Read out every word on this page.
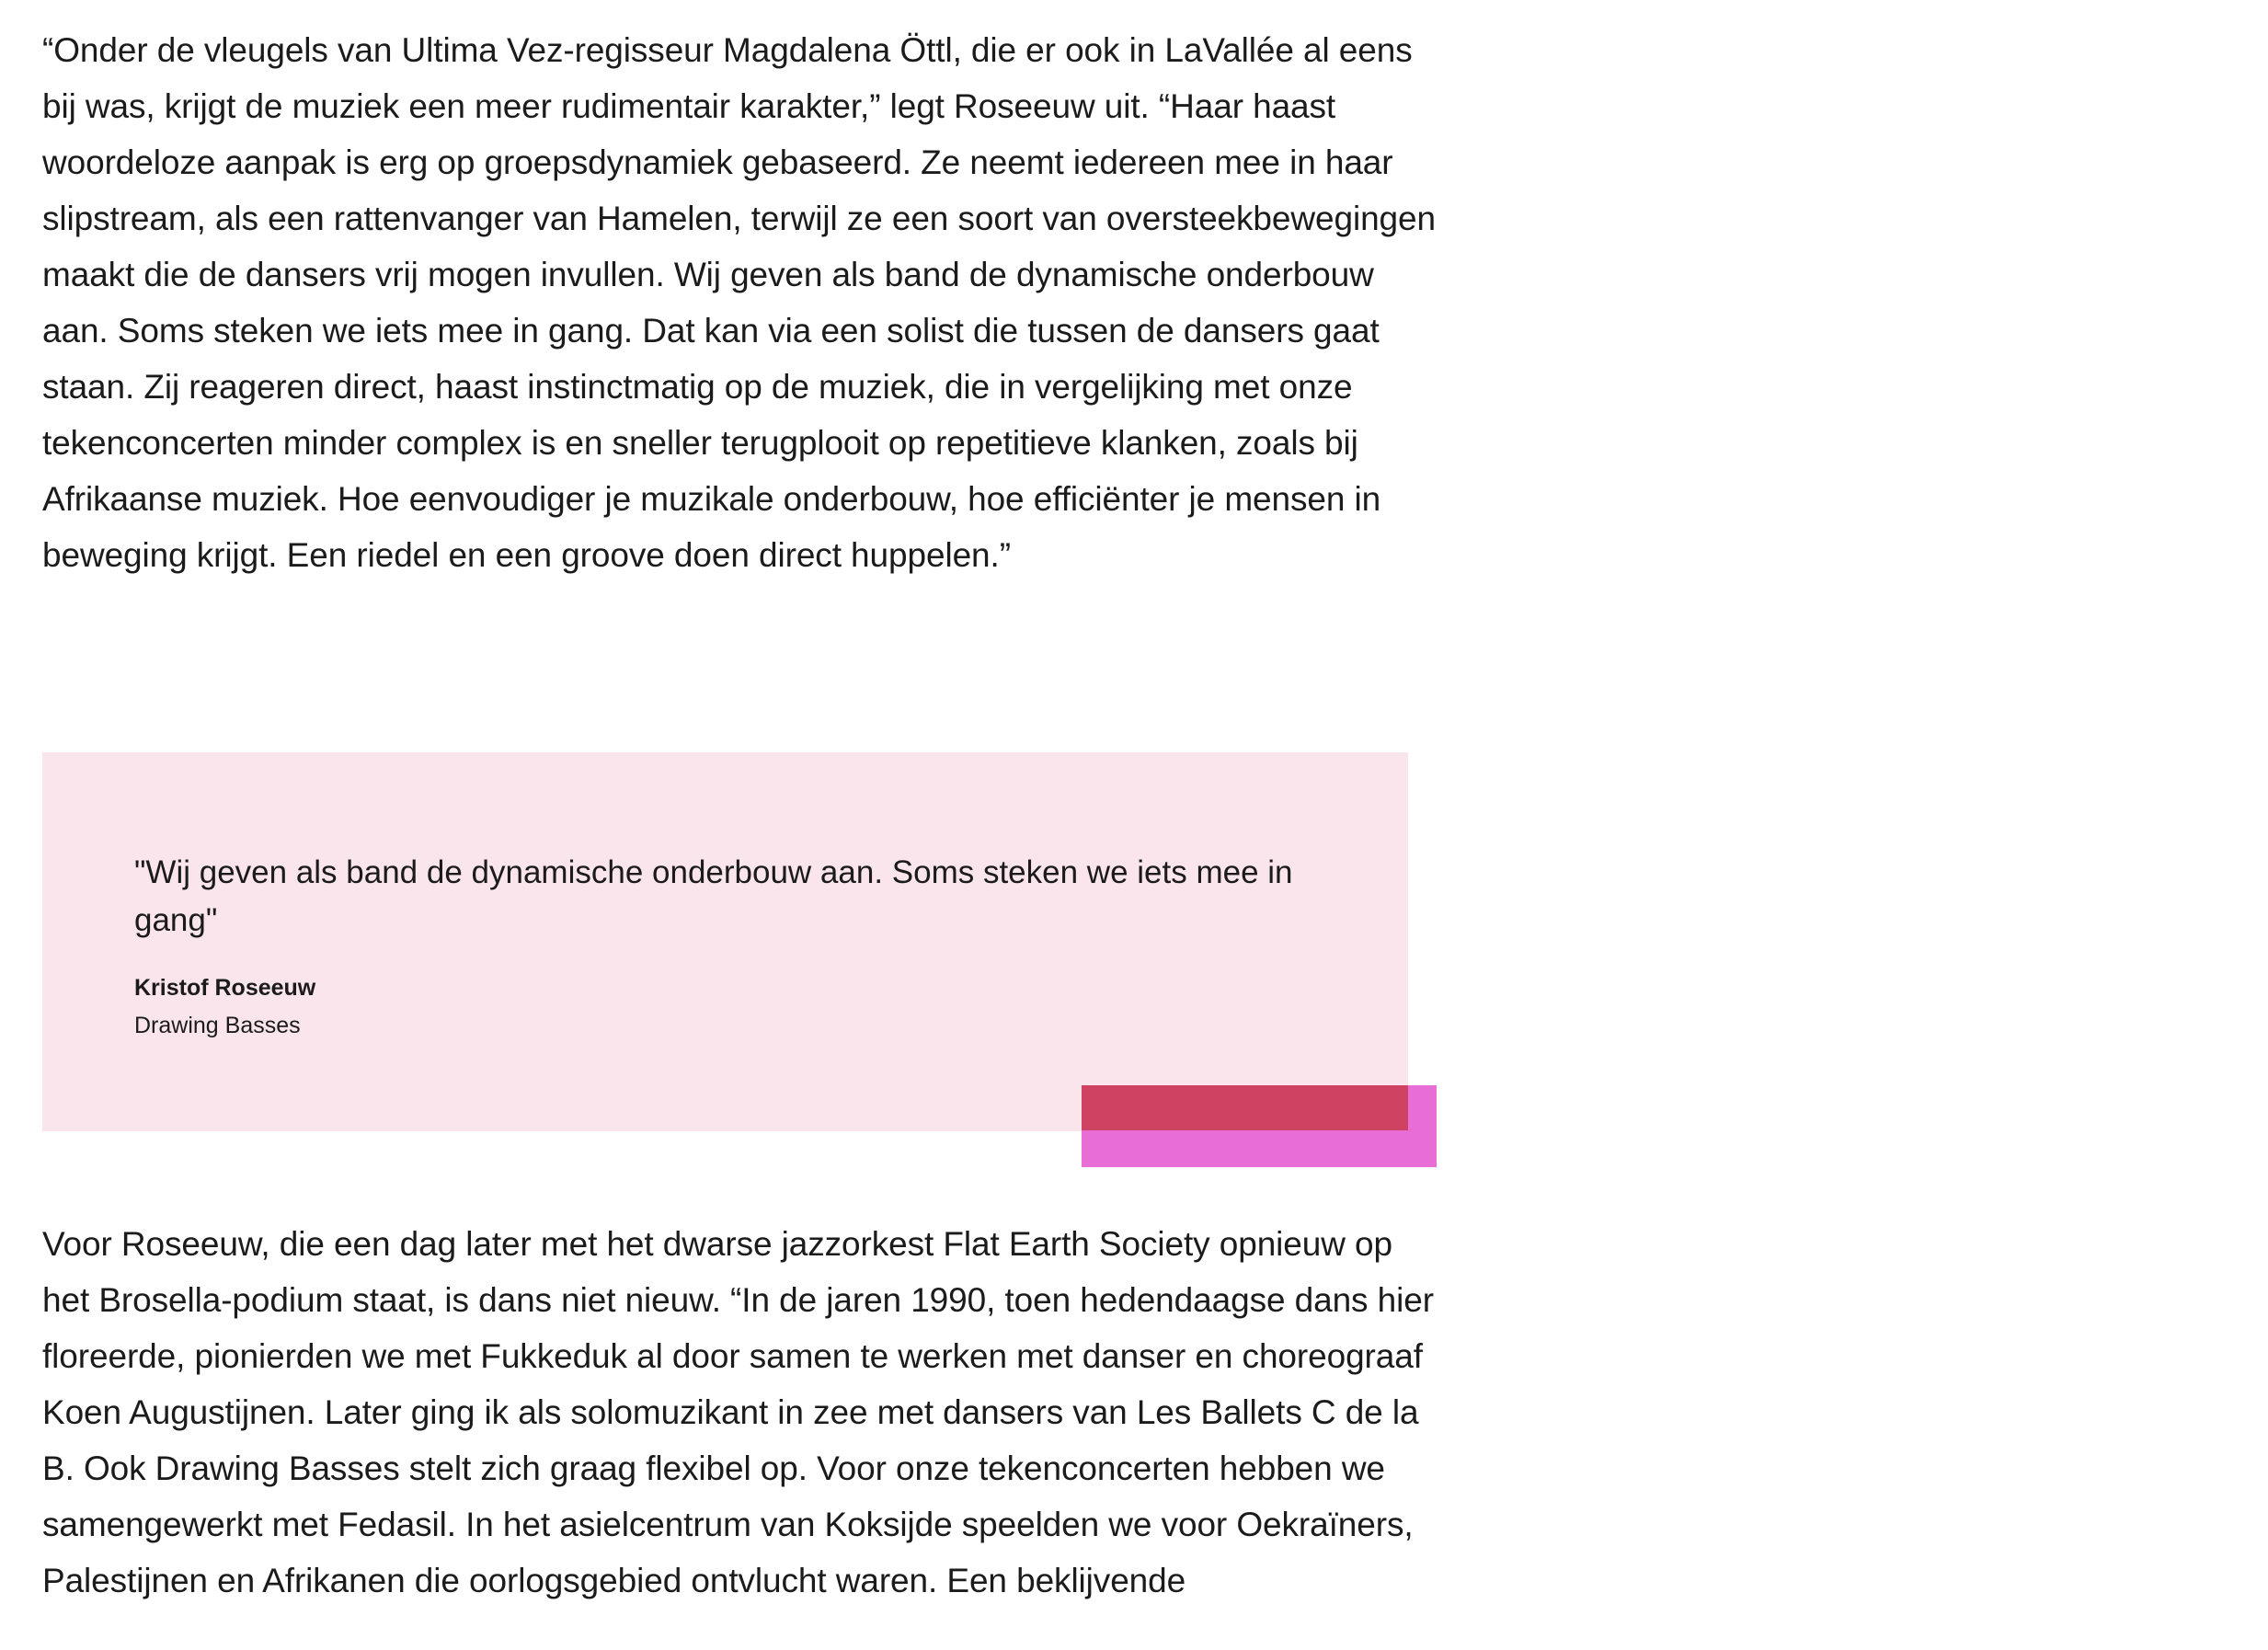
“Onder de vleugels van Ultima Vez-regisseur Magdalena Öttl, die er ook in LaVallée al eens bij was, krijgt de muziek een meer rudimentair karakter,” legt Roseeuw uit. “Haar haast woordeloze aanpak is erg op groepsdynamiek gebaseerd. Ze neemt iedereen mee in haar slipstream, als een rattenvanger van Hamelen, terwijl ze een soort van oversteekbewegingen maakt die de dansers vrij mogen invullen. Wij geven als band de dynamische onderbouw aan. Soms steken we iets mee in gang. Dat kan via een solist die tussen de dansers gaat staan. Zij reageren direct, haast instinctmatig op de muziek, die in vergelijking met onze tekenconcerten minder complex is en sneller terugplooit op repetitieve klanken, zoals bij Afrikaanse muziek. Hoe eenvoudiger je muzikale onderbouw, hoe efficiënter je mensen in beweging krijgt. Een riedel en een groove doen direct huppelen.”

"Wij geven als band de dynamische onderbouw aan. Soms steken we iets mee in gang"

Kristof Roseeuw
Drawing Basses

Voor Roseeuw, die een dag later met het dwarse jazzorkest Flat Earth Society opnieuw op het Brosella-podium staat, is dans niet nieuw. “In de jaren 1990, toen hedendaagse dans hier floreerde, pionierden we met Fukkeduk al door samen te werken met danser en choreograaf Koen Augustijnen. Later ging ik als solomuzikant in zee met dansers van Les Ballets C de la B. Ook Drawing Basses stelt zich graag flexibel op. Voor onze tekenconcerten hebben we samengewerkt met Fedasil. In het asielcentrum van Koksijde speelden we voor Oekraïners, Palestijnen en Afrikanen die oorlogsgebied ontvlucht waren. Een beklijvende
